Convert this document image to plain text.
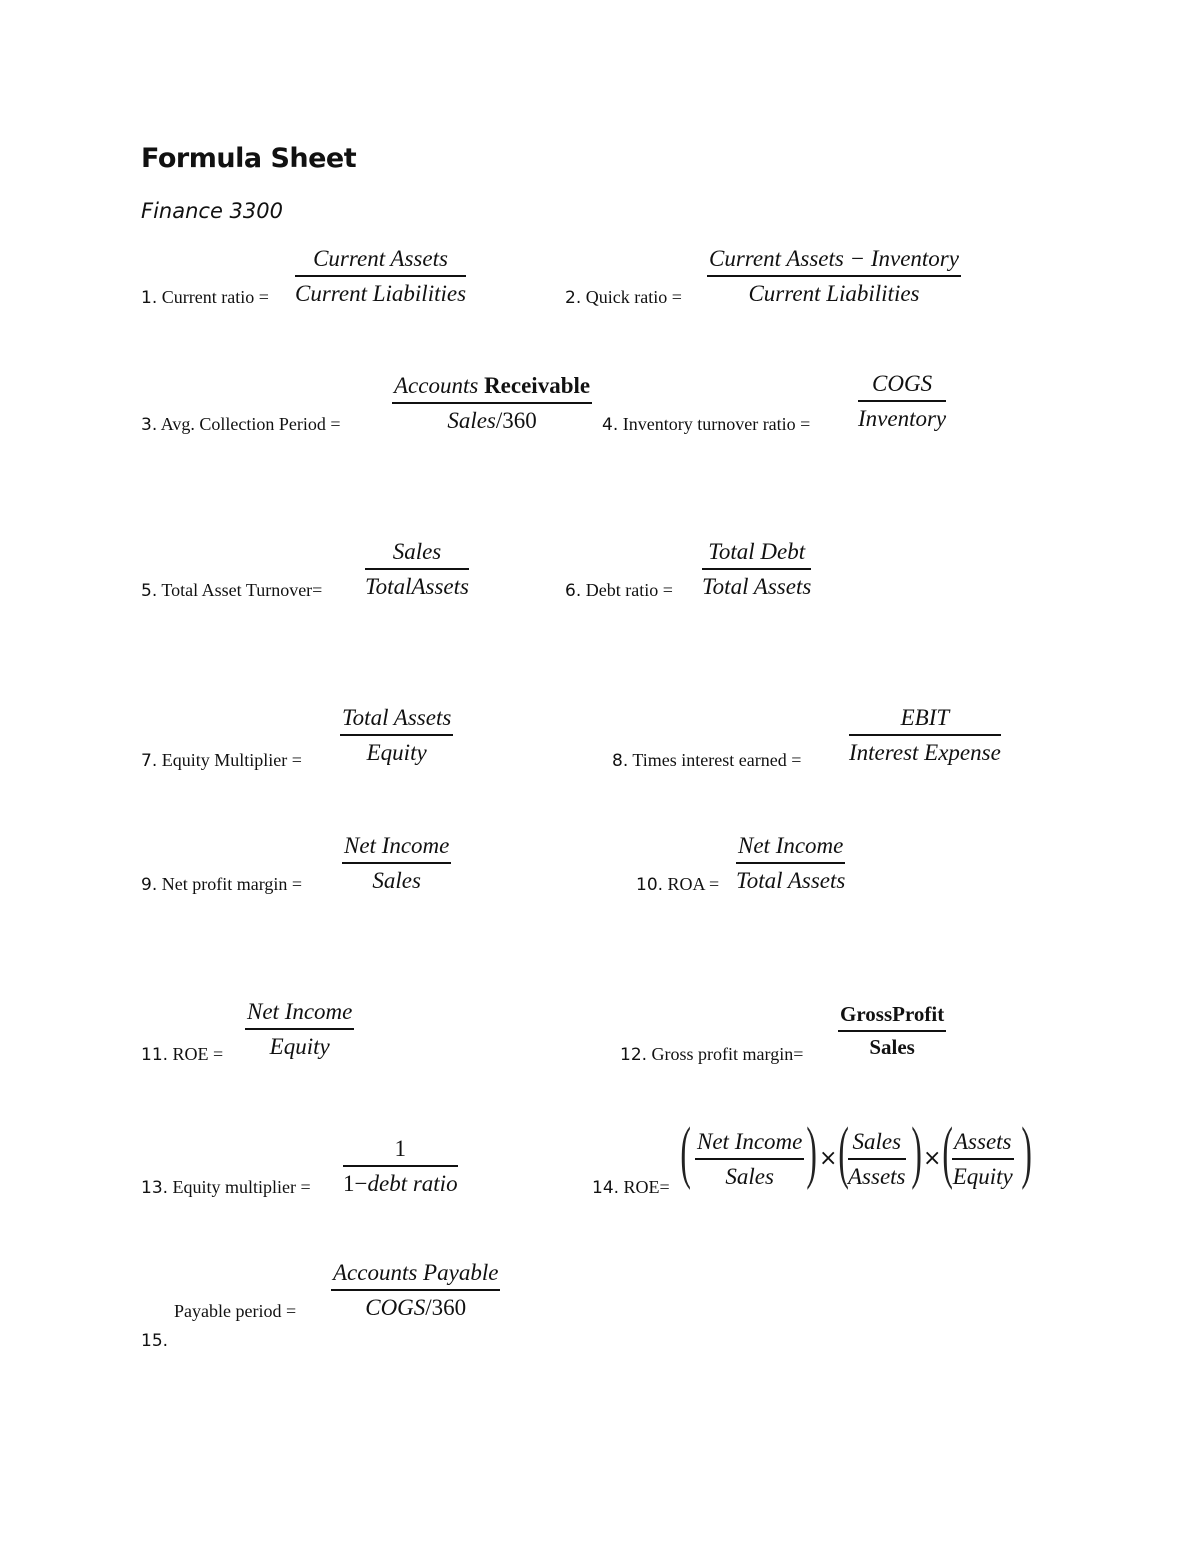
Formula Sheet
Finance 3300
1. Current ratio =
Current Assets
Current Liabilities	2. Quick ratio =
Current Assets − Inventory
Current Liabilities
3. Avg. Collection Period =
Accounts Receivable
Sales/360	4. Inventory turnover ratio =
COGS
Inventory
5. Total Asset Turnover=
Sales
TotalAssets	6. Debt ratio =
Total Debt
Total Assets
7. Equity Multiplier =
Total Assets
Equity	8. Times interest earned =
EBIT
Interest Expense
9. Net profit margin =
Net Income
Sales	10. ROA =
Net Income
Total Assets
11. ROE =
Net Income
Equity	12. Gross profit margin=
GrossProfit
Sales
13. Equity multiplier =
1
1−debt ratio	14. ROE= ( Net Income
Sales ) × ( Sales
Assets ) × ( Assets
Equity )
Payable period =
15.
Accounts Payable
COGS/360
